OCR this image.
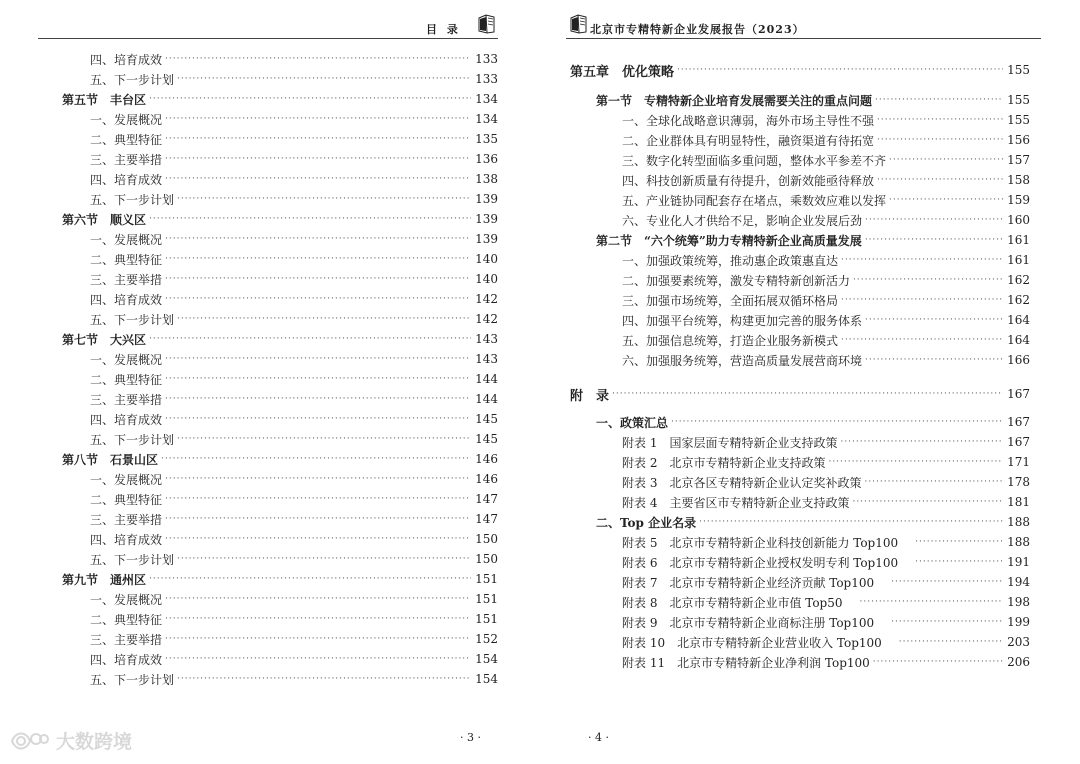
目 录
四、培育成效 ·····	133
五、下一步计划 ·····	133
第五节　丰台区 ·····	134
一、发展概况 ·····	134
二、典型特征 ·····	135
三、主要举措 ·····	136
四、培育成效 ·····	138
五、下一步计划 ·····	139
第六节　顺义区 ·····	139
一、发展概况 ·····	139
二、典型特征 ·····	140
三、主要举措 ·····	140
四、培育成效 ·····	142
五、下一步计划 ·····	142
第七节　大兴区 ·····	143
一、发展概况 ·····	143
二、典型特征 ·····	144
三、主要举措 ·····	144
四、培育成效 ·····	145
五、下一步计划 ·····	145
第八节　石景山区 ·····	146
一、发展概况 ·····	146
二、典型特征 ·····	147
三、主要举措 ·····	147
四、培育成效 ·····	150
五、下一步计划 ·····	150
第九节　通州区 ·····	151
一、发展概况 ·····	151
二、典型特征 ·····	151
三、主要举措 ·····	152
四、培育成效 ·····	154
五、下一步计划 ·····	154
· 3 ·
大数跨境
北京市专精特新企业发展报告（2023）
第五章　优化策略 ·····	155
第一节　专精特新企业培育发展需要关注的重点问题 ·····	155
一、全球化战略意识薄弱，海外市场主导性不强 ·····	155
二、企业群体具有明显特性，融资渠道有待拓宽 ·····	156
三、数字化转型面临多重问题，整体水平参差不齐 ·····	157
四、科技创新质量有待提升，创新效能亟待释放 ·····	158
五、产业链协同配套存在堵点，乘数效应难以发挥 ·····	159
六、专业化人才供给不足，影响企业发展后劲 ·····	160
第二节　“六个统筹”助力专精特新企业高质量发展 ·····	161
一、加强政策统筹，推动惠企政策惠直达 ·····	161
二、加强要素统筹，激发专精特新创新活力 ·····	162
三、加强市场统筹，全面拓展双循环格局 ·····	162
四、加强平台统筹，构建更加完善的服务体系 ·····	164
五、加强信息统筹，打造企业服务新模式 ·····	164
六、加强服务统筹，营造高质量发展营商环境 ·····	166
附　录 ·····	167
一、政策汇总 ·····	167
附表 1　国家层面专精特新企业支持政策 ·····	167
附表 2　北京市专精特新企业支持政策 ·····	171
附表 3　北京各区专精特新企业认定奖补政策 ·····	178
附表 4　主要省区市专精特新企业支持政策 ·····	181
二、Top 企业名录 ·····	188
附表 5　北京市专精特新企业科技创新能力 Top100 ·····	188
附表 6　北京市专精特新企业授权发明专利 Top100 ·····	191
附表 7　北京市专精特新企业经济贡献 Top100 ·····	194
附表 8　北京市专精特新企业市值 Top50 ·····	198
附表 9　北京市专精特新企业商标注册 Top100 ·····	199
附表 10　北京市专精特新企业营业收入 Top100 ·····	203
附表 11　北京市专精特新企业净利润 Top100 ·····	206
· 4 ·
